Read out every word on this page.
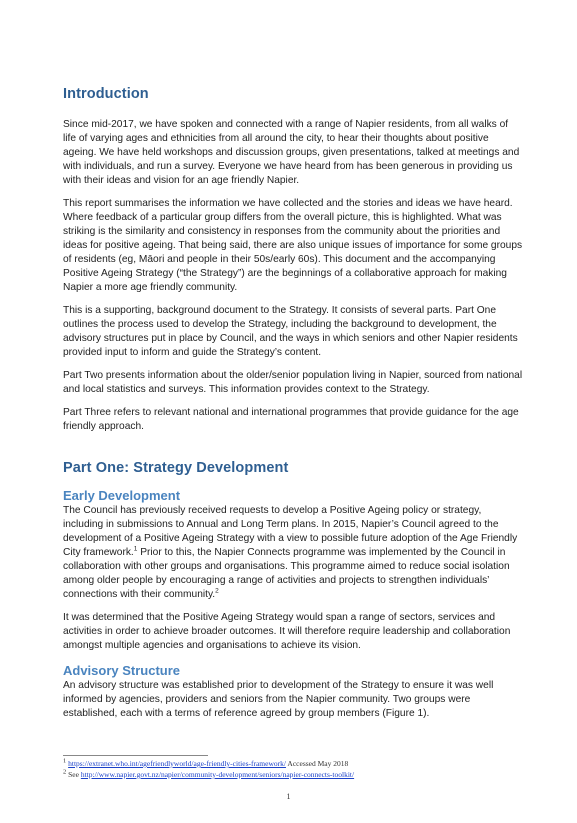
Introduction

Since mid-2017, we have spoken and connected with a range of Napier residents, from all walks of life of varying ages and ethnicities from all around the city, to hear their thoughts about positive ageing. We have held workshops and discussion groups, given presentations, talked at meetings and with individuals, and run a survey. Everyone we have heard from has been generous in providing us with their ideas and vision for an age friendly Napier.

This report summarises the information we have collected and the stories and ideas we have heard. Where feedback of a particular group differs from the overall picture, this is highlighted. What was striking is the similarity and consistency in responses from the community about the priorities and ideas for positive ageing. That being said, there are also unique issues of importance for some groups of residents (eg, Māori and people in their 50s/early 60s). This document and the accompanying Positive Ageing Strategy (“the Strategy”) are the beginnings of a collaborative approach for making Napier a more age friendly community.

This is a supporting, background document to the Strategy. It consists of several parts. Part One outlines the process used to develop the Strategy, including the background to development, the advisory structures put in place by Council, and the ways in which seniors and other Napier residents provided input to inform and guide the Strategy’s content.

Part Two presents information about the older/senior population living in Napier, sourced from national and local statistics and surveys. This information provides context to the Strategy.

Part Three refers to relevant national and international programmes that provide guidance for the age friendly approach.

Part One: Strategy Development
Early Development

The Council has previously received requests to develop a Positive Ageing policy or strategy, including in submissions to Annual and Long Term plans. In 2015, Napier’s Council agreed to the development of a Positive Ageing Strategy with a view to possible future adoption of the Age Friendly City framework.$^1$ Prior to this, the Napier Connects programme was implemented by the Council in collaboration with other groups and organisations. This programme aimed to reduce social isolation among older people by encouraging a range of activities and projects to strengthen individuals’ connections with their community.$^2$

It was determined that the Positive Ageing Strategy would span a range of sectors, services and activities in order to achieve broader outcomes. It will therefore require leadership and collaboration amongst multiple agencies and organisations to achieve its vision.

Advisory Structure

An advisory structure was established prior to development of the Strategy to ensure it was well informed by agencies, providers and seniors from the Napier community. Two groups were established, each with a terms of reference agreed by group members (Figure 1).

$^1$ https://extranet.who.int/agefriendlyworld/age-friendly-cities-framework/ Accessed May 2018
$^2$ See http://www.napier.govt.nz/napier/community-development/seniors/napier-connects-toolkit/
1
